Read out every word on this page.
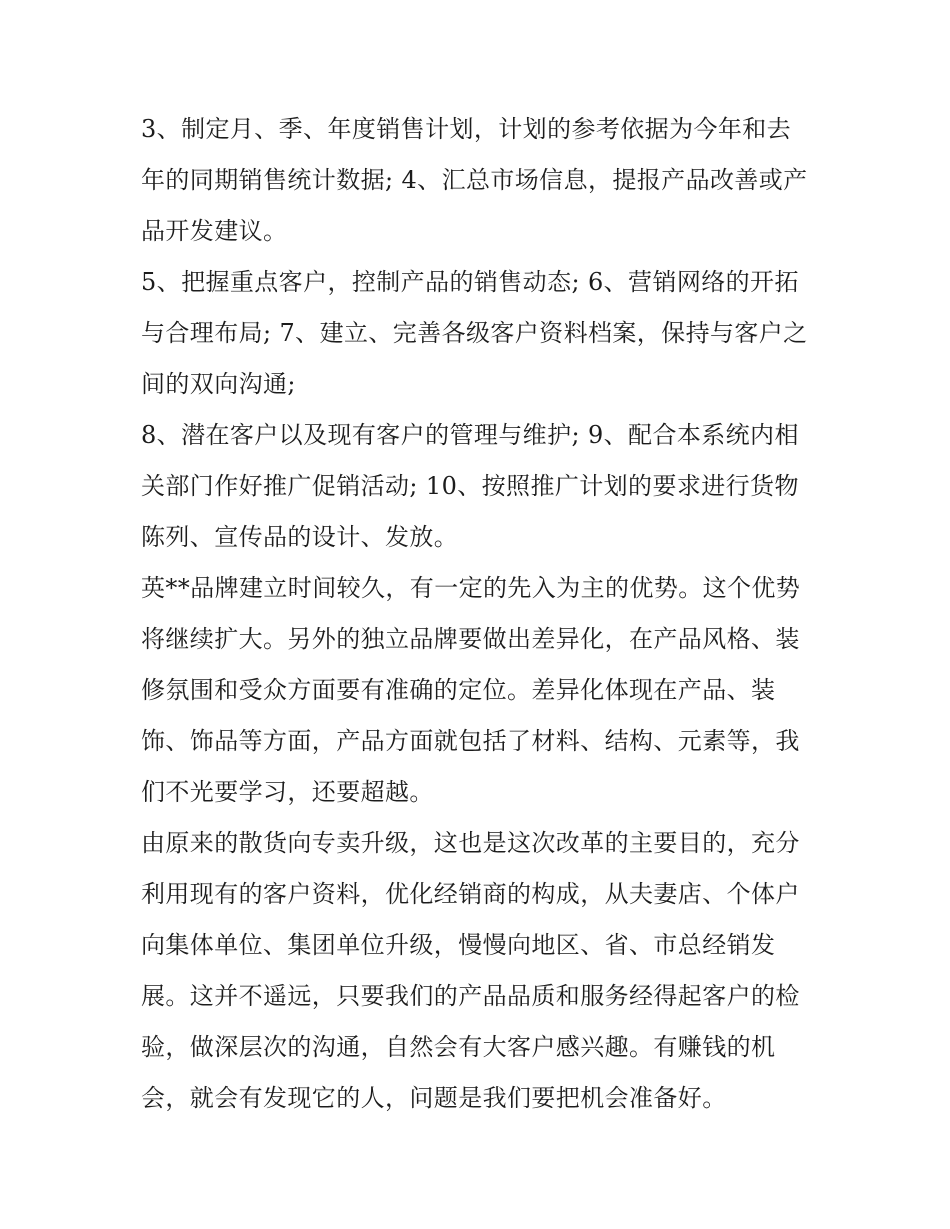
3、制定月、季、年度销售计划，计划的参考依据为今年和去
年的同期销售统计数据; 4、汇总市场信息，提报产品改善或产
品开发建议。

5、把握重点客户，控制产品的销售动态; 6、营销网络的开拓
与合理布局; 7、建立、完善各级客户资料档案，保持与客户之
间的双向沟通;

8、潜在客户以及现有客户的管理与维护; 9、配合本系统内相
关部门作好推广促销活动; 10、按照推广计划的要求进行货物
陈列、宣传品的设计、发放。

英**品牌建立时间较久，有一定的先入为主的优势。这个优势
将继续扩大。另外的独立品牌要做出差异化，在产品风格、装
修氛围和受众方面要有准确的定位。差异化体现在产品、装
饰、饰品等方面，产品方面就包括了材料、结构、元素等，我
们不光要学习，还要超越。

由原来的散货向专卖升级，这也是这次改革的主要目的，充分
利用现有的客户资料，优化经销商的构成，从夫妻店、个体户
向集体单位、集团单位升级，慢慢向地区、省、市总经销发
展。这并不遥远，只要我们的产品品质和服务经得起客户的检
验，做深层次的沟通，自然会有大客户感兴趣。有赚钱的机
会，就会有发现它的人，问题是我们要把机会准备好。
